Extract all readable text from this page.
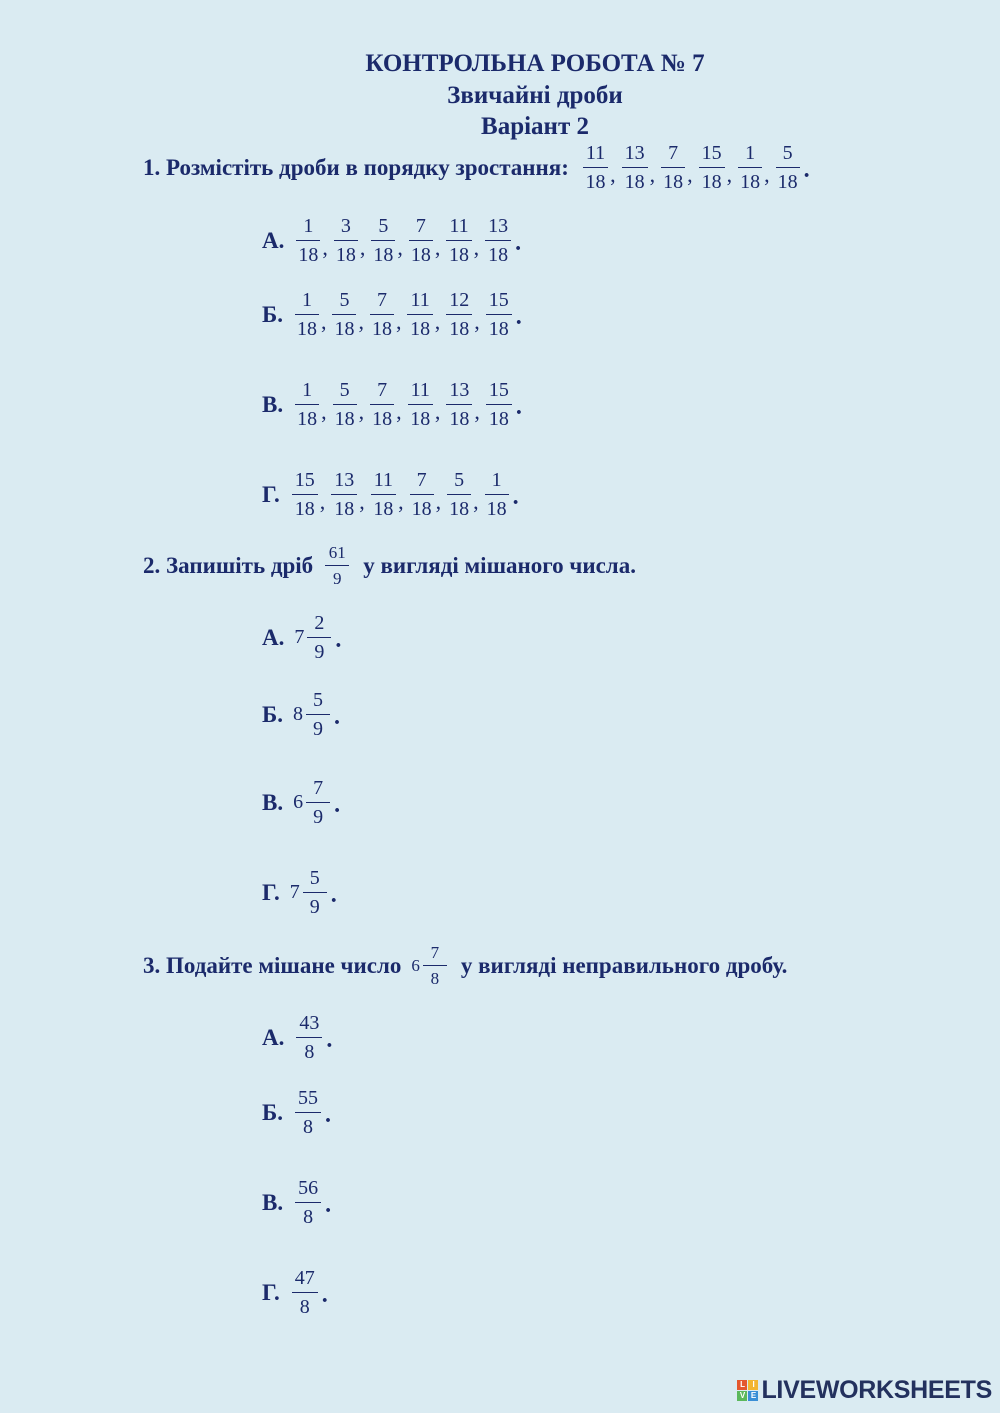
КОНТРОЛЬНА РОБОТА № 7
Звичайні дроби
Варіант 2
1. Розмістіть дроби в порядку зростання: $\frac{11}{18}$ , $\frac{13}{18}$ , $\frac{7}{18}$ , $\frac{15}{18}$ , $\frac{1}{18}$ , $\frac{5}{18}$ .
А. $\frac{1}{18}$ , $\frac{3}{18}$ , $\frac{5}{18}$ , $\frac{7}{18}$ , $\frac{11}{18}$ , $\frac{13}{18}$ .
Б. $\frac{1}{18}$ , $\frac{5}{18}$ , $\frac{7}{18}$ , $\frac{11}{18}$ , $\frac{12}{18}$ , $\frac{15}{18}$ .
В. $\frac{1}{18}$ , $\frac{5}{18}$ , $\frac{7}{18}$ , $\frac{11}{18}$ , $\frac{13}{18}$ , $\frac{15}{18}$ .
Г. $\frac{15}{18}$ , $\frac{13}{18}$ , $\frac{11}{18}$ , $\frac{7}{18}$ , $\frac{5}{18}$ , $\frac{1}{18}$ .
2. Запишіть дріб $\frac{61}{9}$ у вигляді мішаного числа.
А. $7 \frac{2}{9}$ .
Б. $8 \frac{5}{9}$ .
В. $6 \frac{7}{9}$ .
Г. $7 \frac{5}{9}$ .
3. Подайте мішане число $6 \frac{7}{8}$ у вигляді неправильного дробу.
А. $\frac{43}{8}$ .
Б. $\frac{55}{8}$ .
В. $\frac{56}{8}$ .
Г. $\frac{47}{8}$ .
L I
V E LIVEWORKSHEETS
